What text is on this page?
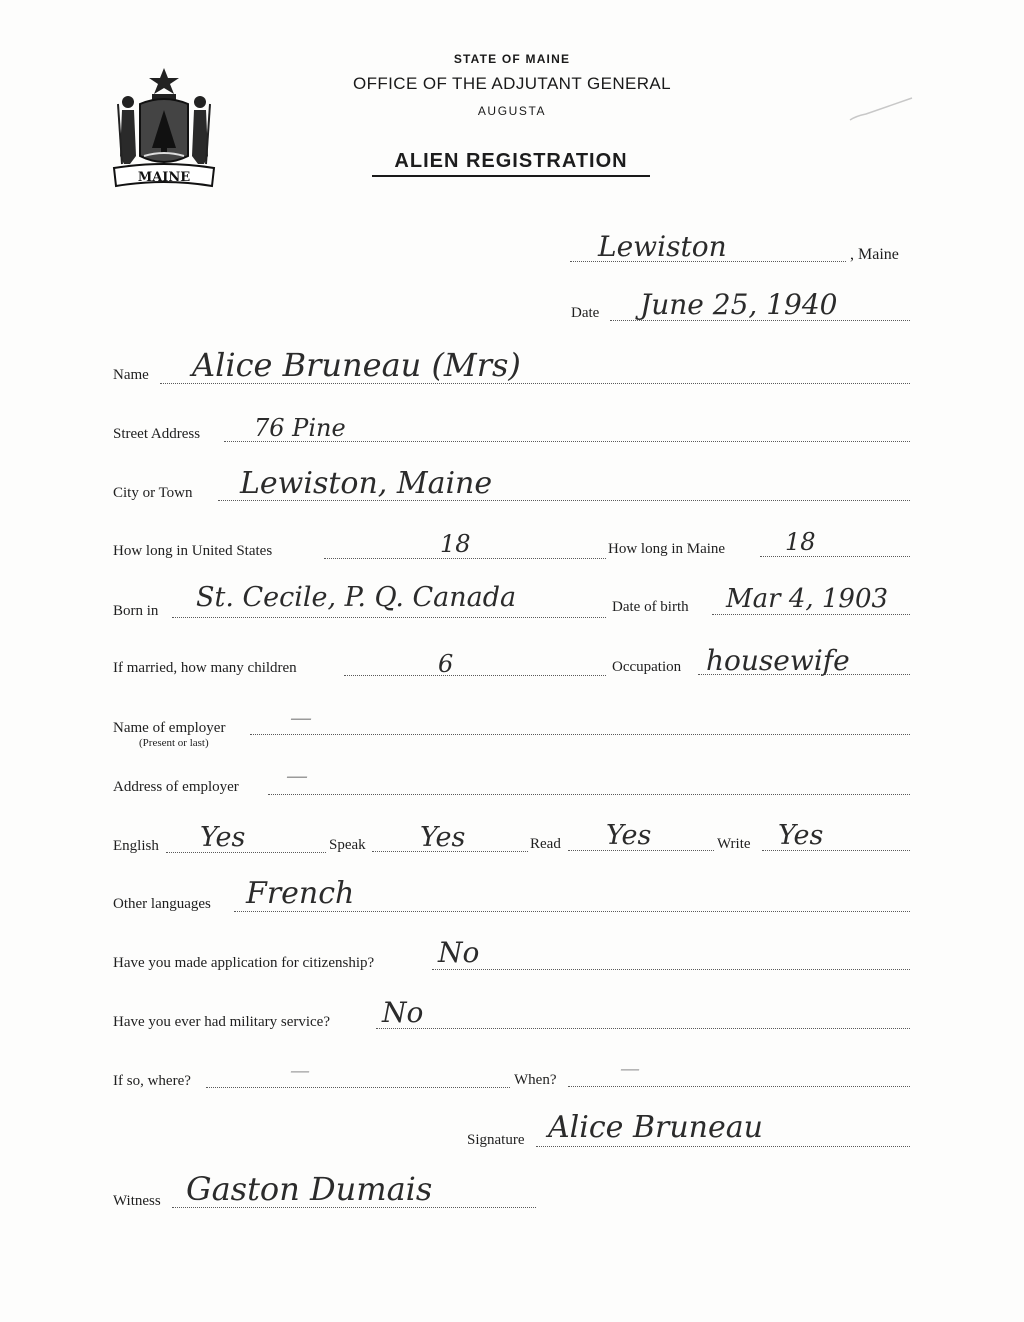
MAINE
STATE OF MAINE
OFFICE OF THE ADJUTANT GENERAL
AUGUSTA
ALIEN REGISTRATION
Lewiston	, Maine
Date June 25, 1940
Name Alice Bruneau (Mrs)
Street Address 76 Pine
City or Town Lewiston, Maine
How long in United States	18	How long in Maine 18
Born in St. Cecile, P. Q. Canada	Date of birth Mar 4, 1903
If married, how many children	6	Occupation housewife
Name of employer
(Present or last)
—
Address of employer —
English Yes	Speak Yes	Read Yes	Write Yes
Other languages French
Have you made application for citizenship? No
Have you ever had military service? No
If so, where?	—	When?	—
Signature Alice Bruneau
Witness Gaston Dumais
